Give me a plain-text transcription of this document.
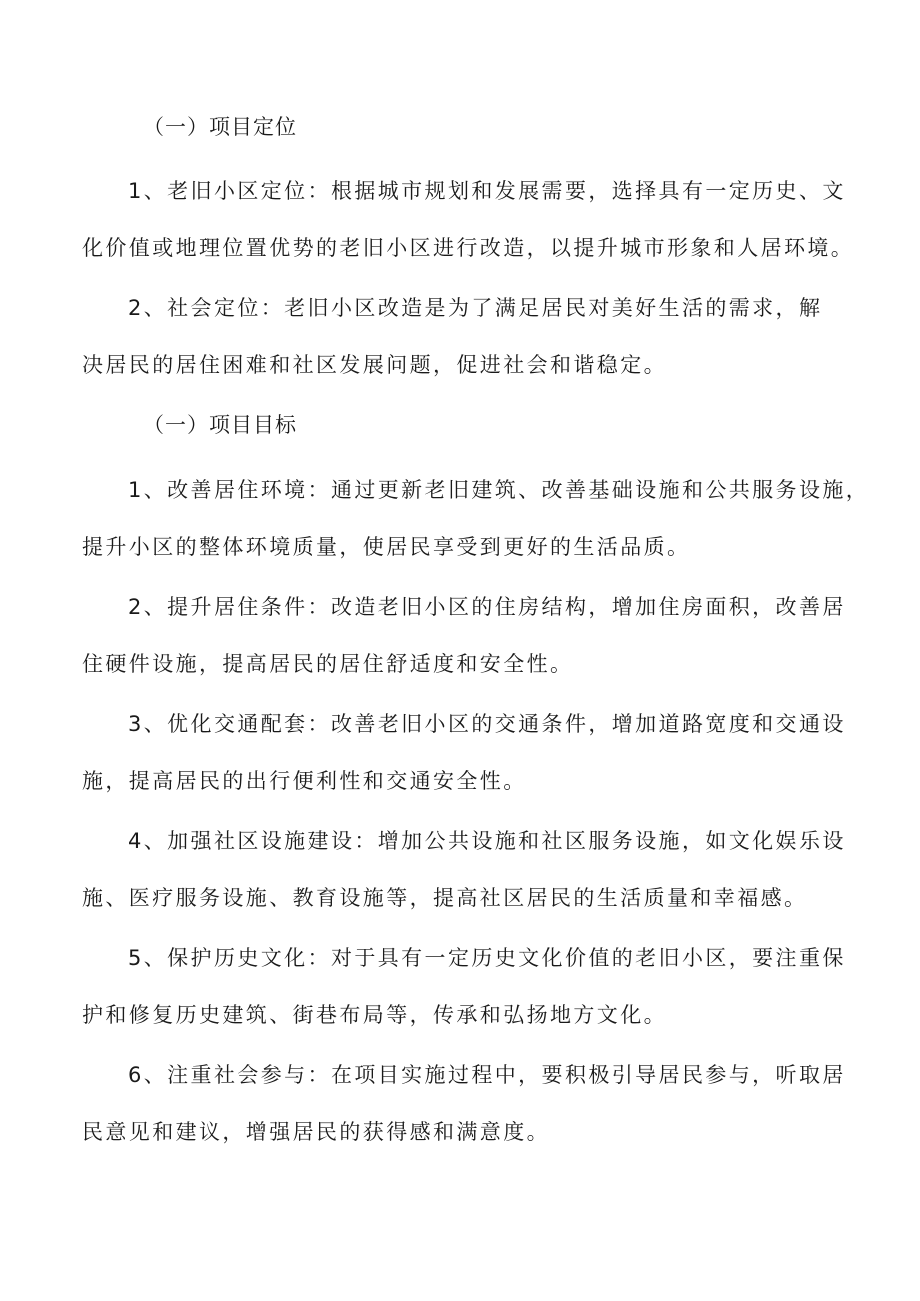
（一）项目定位
1、老旧小区定位：根据城市规划和发展需要，选择具有一定历史、文
化价值或地理位置优势的老旧小区进行改造，以提升城市形象和人居环境。
2、社会定位：老旧小区改造是为了满足居民对美好生活的需求，解
决居民的居住困难和社区发展问题，促进社会和谐稳定。
（一）项目目标
1、改善居住环境：通过更新老旧建筑、改善基础设施和公共服务设施，
提升小区的整体环境质量，使居民享受到更好的生活品质。
2、提升居住条件：改造老旧小区的住房结构，增加住房面积，改善居
住硬件设施，提高居民的居住舒适度和安全性。
3、优化交通配套：改善老旧小区的交通条件，增加道路宽度和交通设
施，提高居民的出行便利性和交通安全性。
4、加强社区设施建设：增加公共设施和社区服务设施，如文化娱乐设
施、医疗服务设施、教育设施等，提高社区居民的生活质量和幸福感。
5、保护历史文化：对于具有一定历史文化价值的老旧小区，要注重保
护和修复历史建筑、街巷布局等，传承和弘扬地方文化。
6、注重社会参与：在项目实施过程中，要积极引导居民参与，听取居
民意见和建议，增强居民的获得感和满意度。
